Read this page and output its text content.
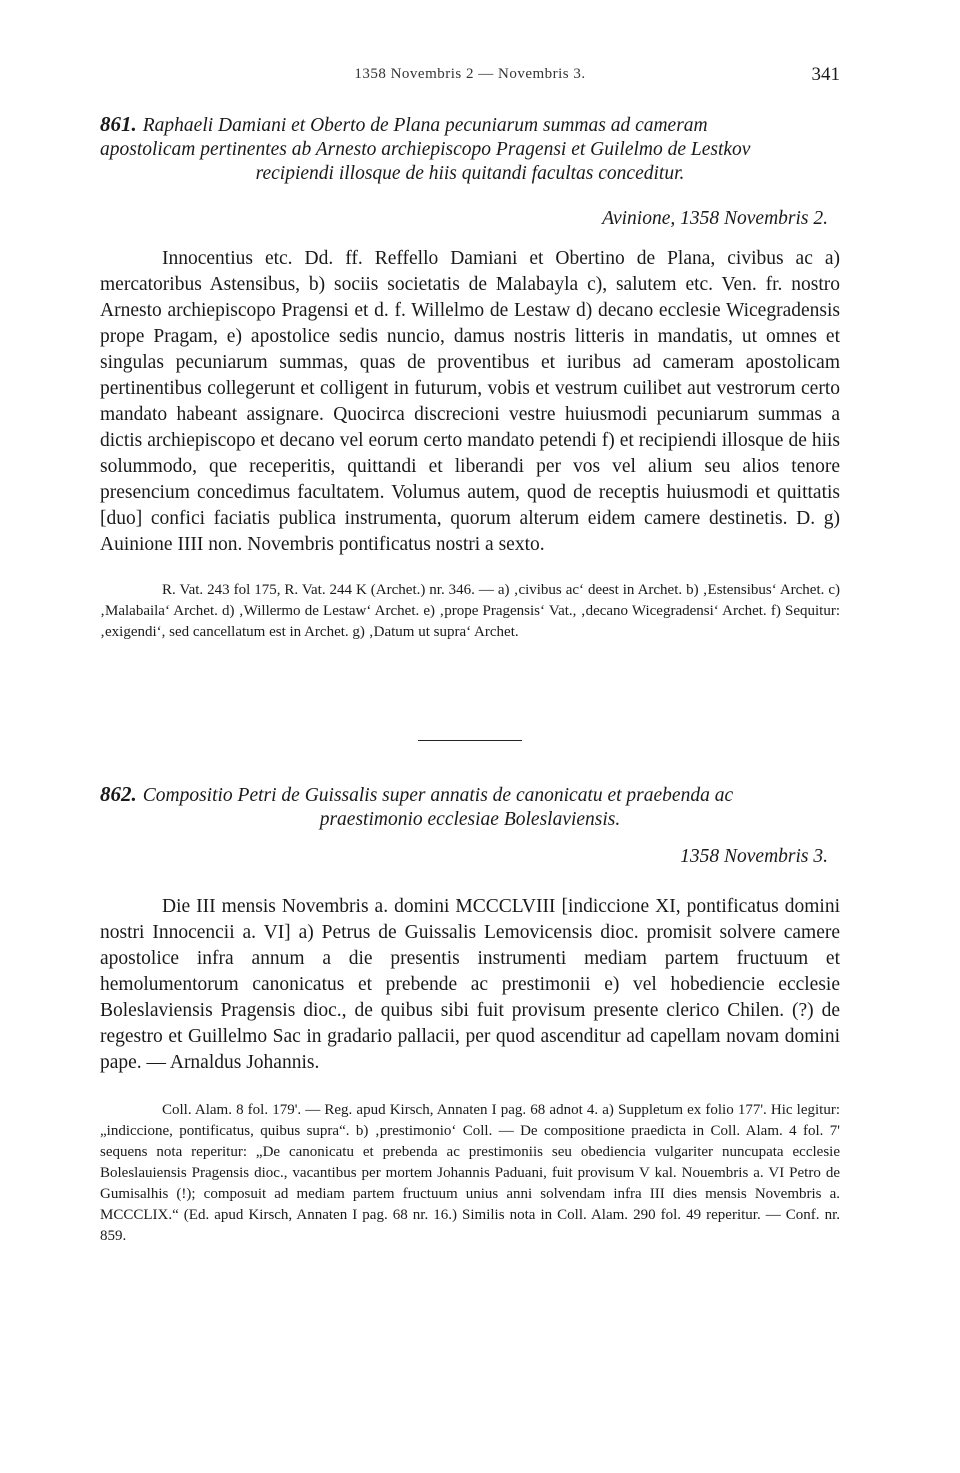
1358 Novembris 2 — Novembris 3.	341

861. Raphaeli Damiani et Oberto de Plana pecuniarum summas ad cameram
apostolicam pertinentes ab Arnesto archiepiscopo Pragensi et Guilelmo de Lestkov

recipiendi illosque de hiis quitandi facultas conceditur.

Avinione, 1358 Novembris 2.

Innocentius etc. Dd. ff. Reffello Damiani et Obertino de Plana, civibus ac a) mercatoribus Astensibus, b) sociis societatis de Malabayla c), salutem etc. Ven. fr. nostro Arnesto archiepiscopo Pragensi et d. f. Willelmo de Lestaw d) decano ecclesie Wicegradensis prope Pragam, e) apostolice sedis nuncio, damus nostris litteris in mandatis, ut omnes et singulas pecuniarum summas, quas de proventibus et iuribus ad cameram apostolicam pertinentibus collegerunt et colligent in futurum, vobis et vestrum cuilibet aut vestrorum certo mandato habeant assignare. Quocirca discrecioni vestre huiusmodi pecuniarum summas a dictis archiepiscopo et decano vel eorum certo mandato petendi f) et recipiendi illosque de hiis solummodo, que receperitis, quittandi et liberandi per vos vel alium seu alios tenore presencium concedimus facultatem. Volumus autem, quod de receptis huiusmodi et quittatis [duo] confici faciatis publica instrumenta, quorum alterum eidem camere destinetis. D. g) Auinione IIII non. Novembris pontificatus nostri a sexto.

R. Vat. 243 fol 175, R. Vat. 244 K (Archet.) nr. 346. — a) ‚civibus ac‘ deest in Archet. b) ‚Estensibus‘ Archet. c) ‚Malabaila‘ Archet. d) ‚Willermo de Lestaw‘ Archet. e) ‚prope Pragensis‘ Vat., ‚decano Wicegradensi‘ Archet. f) Sequitur: ‚exigendi‘, sed cancellatum est in Archet. g) ‚Datum ut supra‘ Archet.

862. Compositio Petri de Guissalis super annatis de canonicatu et praebenda ac

praestimonio ecclesiae Boleslaviensis.

1358 Novembris 3.

Die III mensis Novembris a. domini MCCCLVIII [indiccione XI, pontificatus domini nostri Innocencii a. VI] a) Petrus de Guissalis Lemovicensis dioc. promisit solvere camere apostolice infra annum a die presentis instrumenti mediam partem fructuum et hemolumentorum canonicatus et prebende ac prestimonii e) vel hobediencie ecclesie Boleslaviensis Pragensis dioc., de quibus sibi fuit provisum presente clerico Chilen. (?) de regestro et Guillelmo Sac in gradario pallacii, per quod ascenditur ad capellam novam domini pape. — Arnaldus Johannis.

Coll. Alam. 8 fol. 179'. — Reg. apud Kirsch, Annaten I pag. 68 adnot 4. a) Suppletum ex folio 177'. Hic legitur: „indiccione, pontificatus, quibus supra“. b) ‚prestimonio‘ Coll. — De compositione praedicta in Coll. Alam. 4 fol. 7' sequens nota reperitur: „De canonicatu et prebenda ac prestimoniis seu obediencia vulgariter nuncupata ecclesie Boleslauiensis Pragensis dioc., vacantibus per mortem Johannis Paduani, fuit provisum V kal. Nouembris a. VI Petro de Gumisalhis (!); composuit ad mediam partem fructuum unius anni solvendam infra III dies mensis Novembris a. MCCCLIX.“ (Ed. apud Kirsch, Annaten I pag. 68 nr. 16.) Similis nota in Coll. Alam. 290 fol. 49 reperitur. — Conf. nr. 859.
